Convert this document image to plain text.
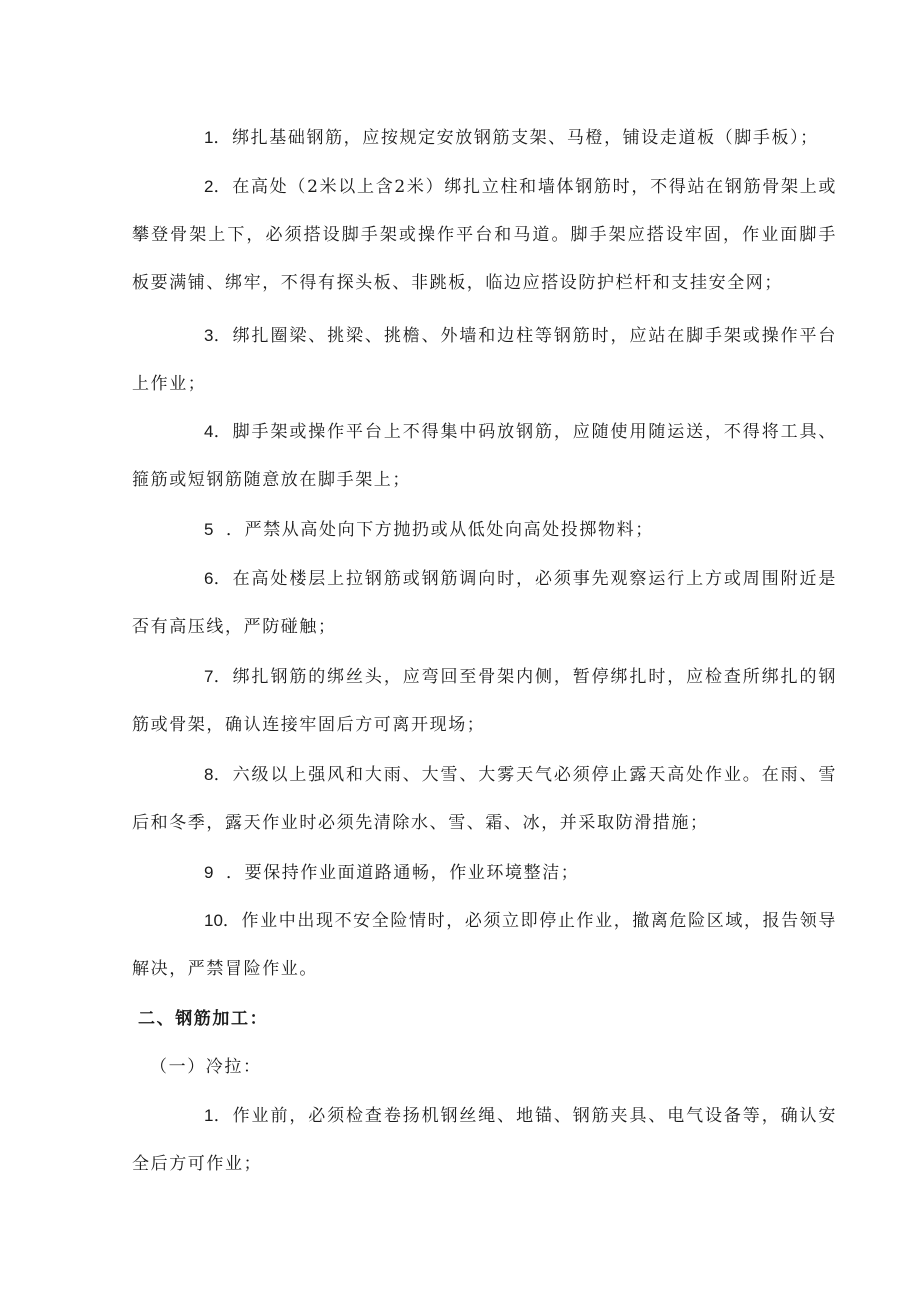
1．绑扎基础钢筋，应按规定安放钢筋支架、马橙，铺设走道板（脚手板）；
2．在高处（2米以上含2米）绑扎立柱和墙体钢筋时，不得站在钢筋骨架上或攀登骨架上下，必须搭设脚手架或操作平台和马道。脚手架应搭设牢固，作业面脚手板要满铺、绑牢，不得有探头板、非跳板，临边应搭设防护栏杆和支挂安全网；
3．绑扎圈梁、挑梁、挑檐、外墙和边柱等钢筋时，应站在脚手架或操作平台上作业；
4．脚手架或操作平台上不得集中码放钢筋，应随使用随运送，不得将工具、箍筋或短钢筋随意放在脚手架上；
5 ．严禁从高处向下方抛扔或从低处向高处投掷物料；
6．在高处楼层上拉钢筋或钢筋调向时，必须事先观察运行上方或周围附近是否有高压线，严防碰触；
7．绑扎钢筋的绑丝头，应弯回至骨架内侧，暂停绑扎时，应检查所绑扎的钢筋或骨架，确认连接牢固后方可离开现场；
8．六级以上强风和大雨、大雪、大雾天气必须停止露天高处作业。在雨、雪后和冬季，露天作业时必须先清除水、雪、霜、冰，并采取防滑措施；
9 ．要保持作业面道路通畅，作业环境整洁；
10．作业中出现不安全险情时，必须立即停止作业，撤离危险区域，报告领导解决，严禁冒险作业。
二、钢筋加工：
（一）冷拉：
1．作业前，必须检查卷扬机钢丝绳、地锚、钢筋夹具、电气设备等，确认安全后方可作业；
